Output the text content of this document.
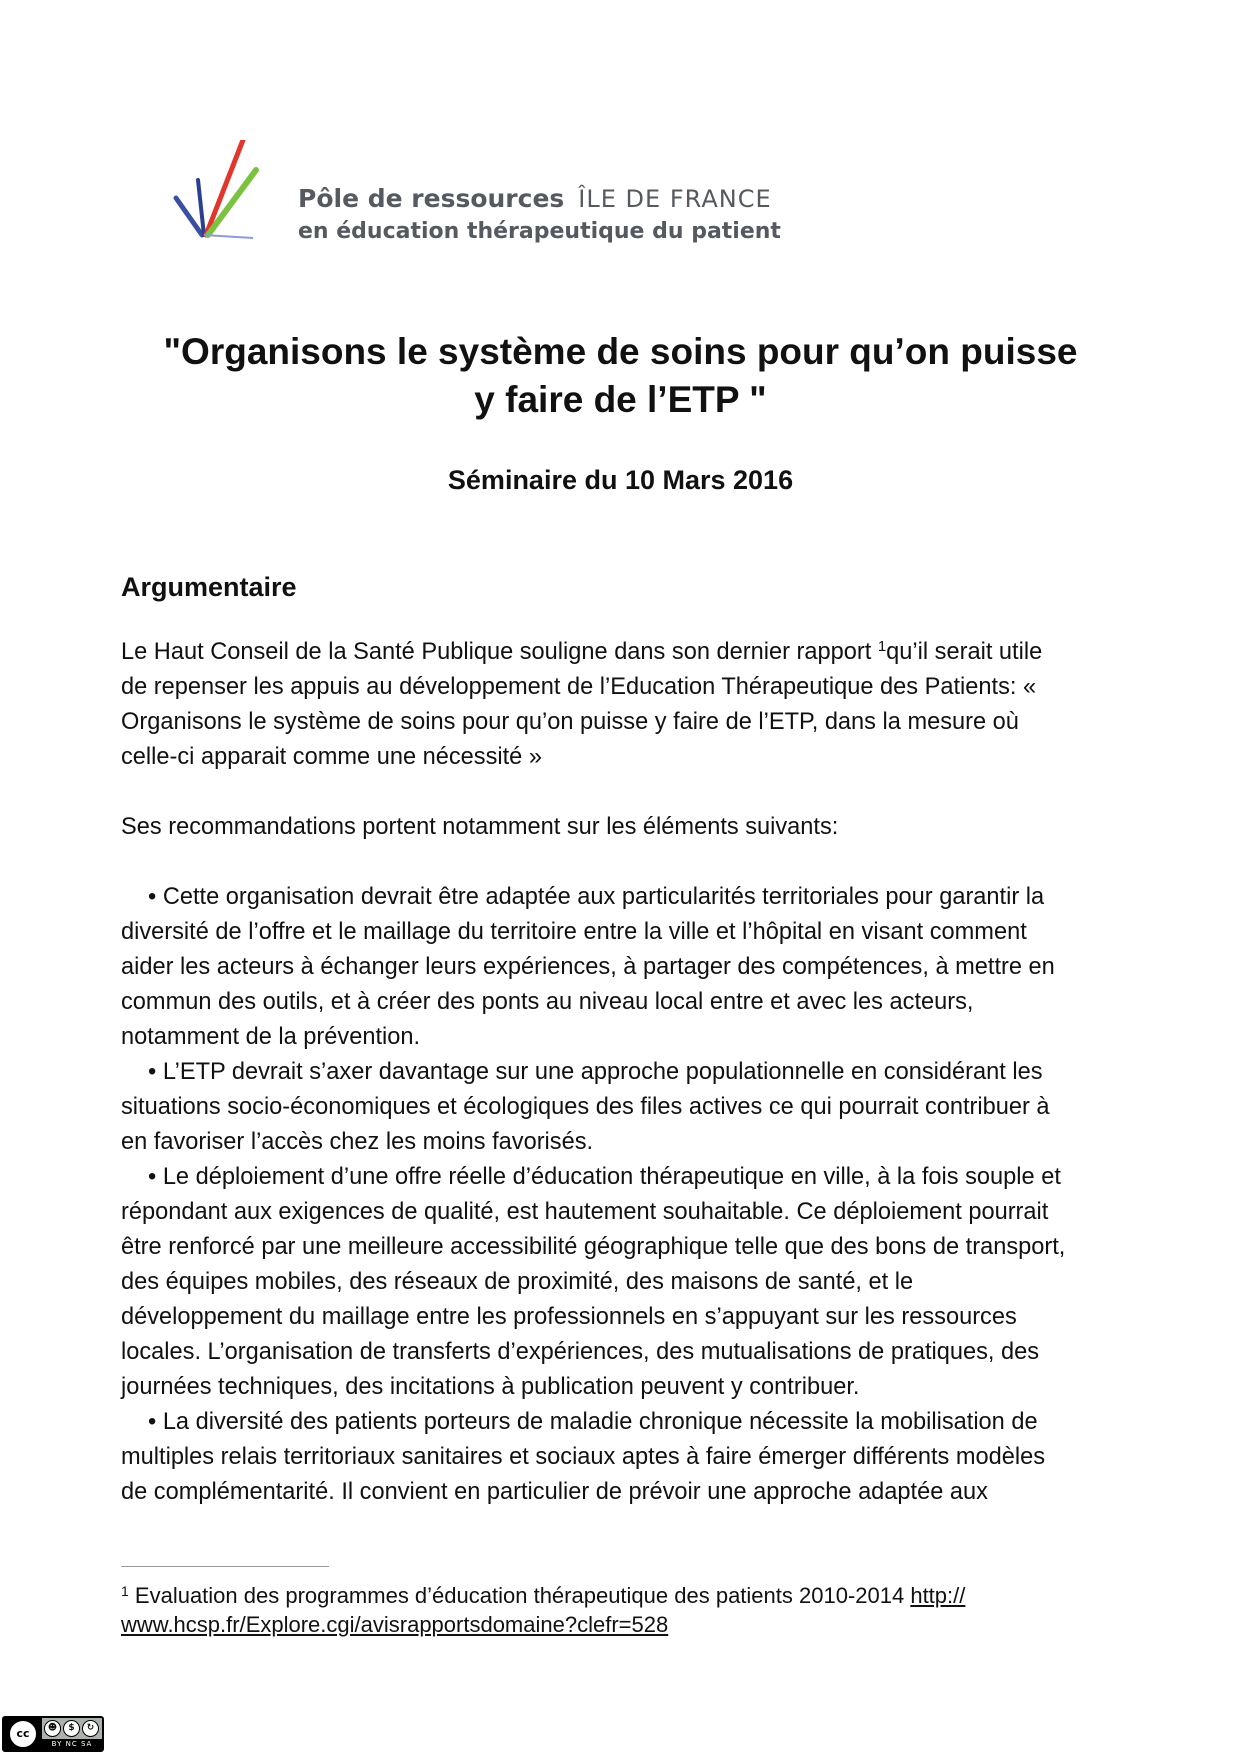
Pôle de ressources ÎLE DE FRANCE
en éducation thérapeutique du patient
"Organisons le système de soins pour qu’on puisse
y faire de l’ETP "
Séminaire du 10 Mars 2016
Argumentaire

Le Haut Conseil de la Santé Publique souligne dans son dernier rapport $^1$qu’il serait utile
de repenser les appuis au développement de l’Education Thérapeutique des Patients: «
Organisons le système de soins pour qu’on puisse y faire de l’ETP, dans la mesure où
celle-ci apparait comme une nécessité »

Ses recommandations portent notamment sur les éléments suivants:

• Cette organisation devrait être adaptée aux particularités territoriales pour garantir la
diversité de l’offre et le maillage du territoire entre la ville et l’hôpital en visant comment
aider les acteurs à échanger leurs expériences, à partager des compétences, à mettre en
commun des outils, et à créer des ponts au niveau local entre et avec les acteurs,
notamment de la prévention.

• L’ETP devrait s’axer davantage sur une approche populationnelle en considérant les
situations socio-économiques et écologiques des files actives ce qui pourrait contribuer à
en favoriser l’accès chez les moins favorisés.

• Le déploiement d’une offre réelle d’éducation thérapeutique en ville, à la fois souple et
répondant aux exigences de qualité, est hautement souhaitable. Ce déploiement pourrait
être renforcé par une meilleure accessibilité géographique telle que des bons de transport,
des équipes mobiles, des réseaux de proximité, des maisons de santé, et le
développement du maillage entre les professionnels en s’appuyant sur les ressources
locales. L’organisation de transferts d’expériences, des mutualisations de pratiques, des
journées techniques, des incitations à publication peuvent y contribuer.

• La diversité des patients porteurs de maladie chronique nécessite la mobilisation de
multiples relais territoriaux sanitaires et sociaux aptes à faire émerger différents modèles
de complémentarité. Il convient en particulier de prévoir une approche adaptée aux

$^1$ Evaluation des programmes d’éducation thérapeutique des patients 2010-2014 http://
www.hcsp.fr/Explore.cgi/avisrapportsdomaine?clefr=528
cc	☻	$	↻
BY NC SA
